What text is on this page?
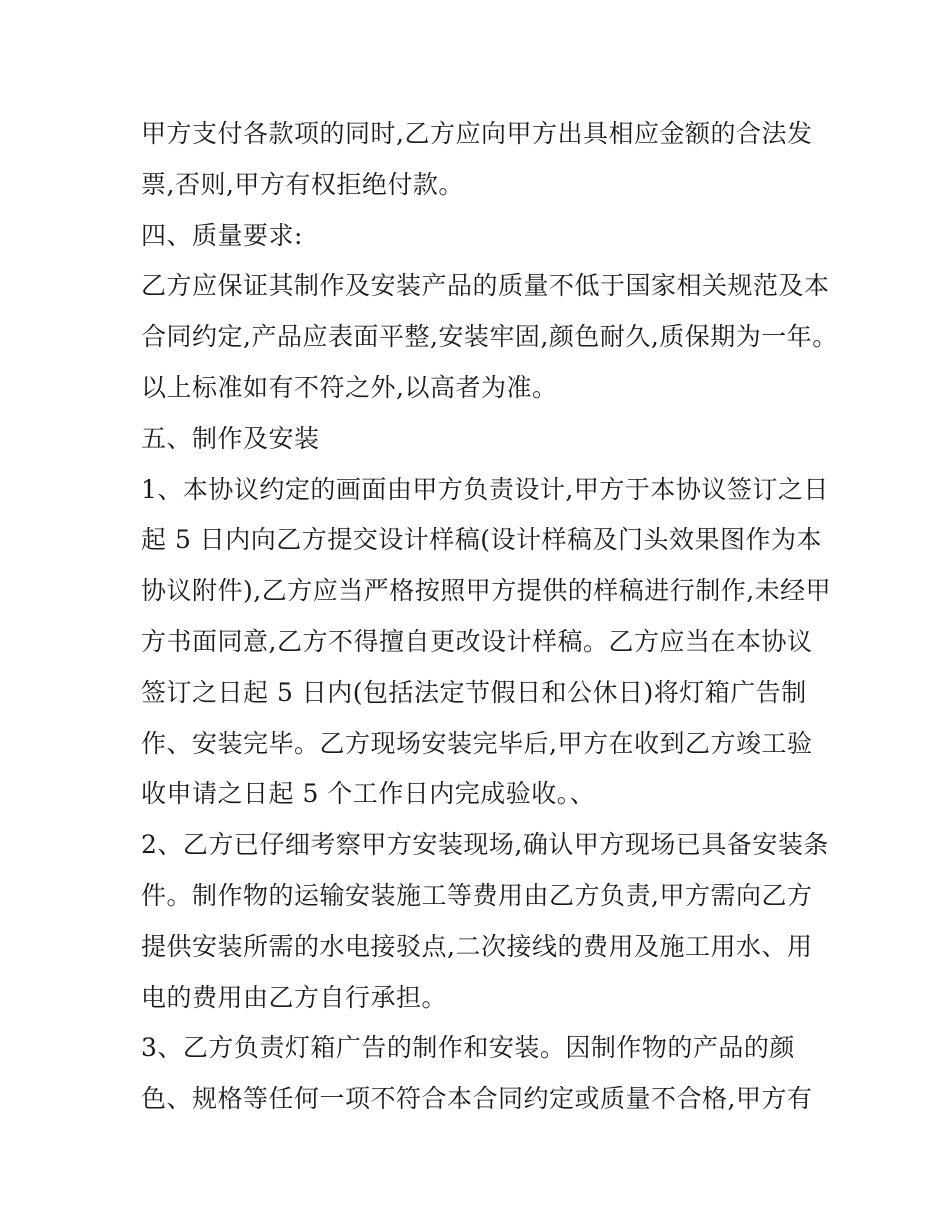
甲方支付各款项的同时,乙方应向甲方出具相应金额的合法发
票,否则,甲方有权拒绝付款。
四、质量要求:
乙方应保证其制作及安装产品的质量不低于国家相关规范及本
合同约定,产品应表面平整,安装牢固,颜色耐久,质保期为一年。
以上标准如有不符之外,以高者为准。
五、制作及安装
1、本协议约定的画面由甲方负责设计,甲方于本协议签订之日
起 5 日内向乙方提交设计样稿(设计样稿及门头效果图作为本
协议附件),乙方应当严格按照甲方提供的样稿进行制作,未经甲
方书面同意,乙方不得擅自更改设计样稿。乙方应当在本协议
签订之日起 5 日内(包括法定节假日和公休日)将灯箱广告制
作、安装完毕。乙方现场安装完毕后,甲方在收到乙方竣工验
收申请之日起 5 个工作日内完成验收。、
2、乙方已仔细考察甲方安装现场,确认甲方现场已具备安装条
件。制作物的运输安装施工等费用由乙方负责,甲方需向乙方
提供安装所需的水电接驳点,二次接线的费用及施工用水、用
电的费用由乙方自行承担。
3、乙方负责灯箱广告的制作和安装。因制作物的产品的颜
色、规格等任何一项不符合本合同约定或质量不合格,甲方有
